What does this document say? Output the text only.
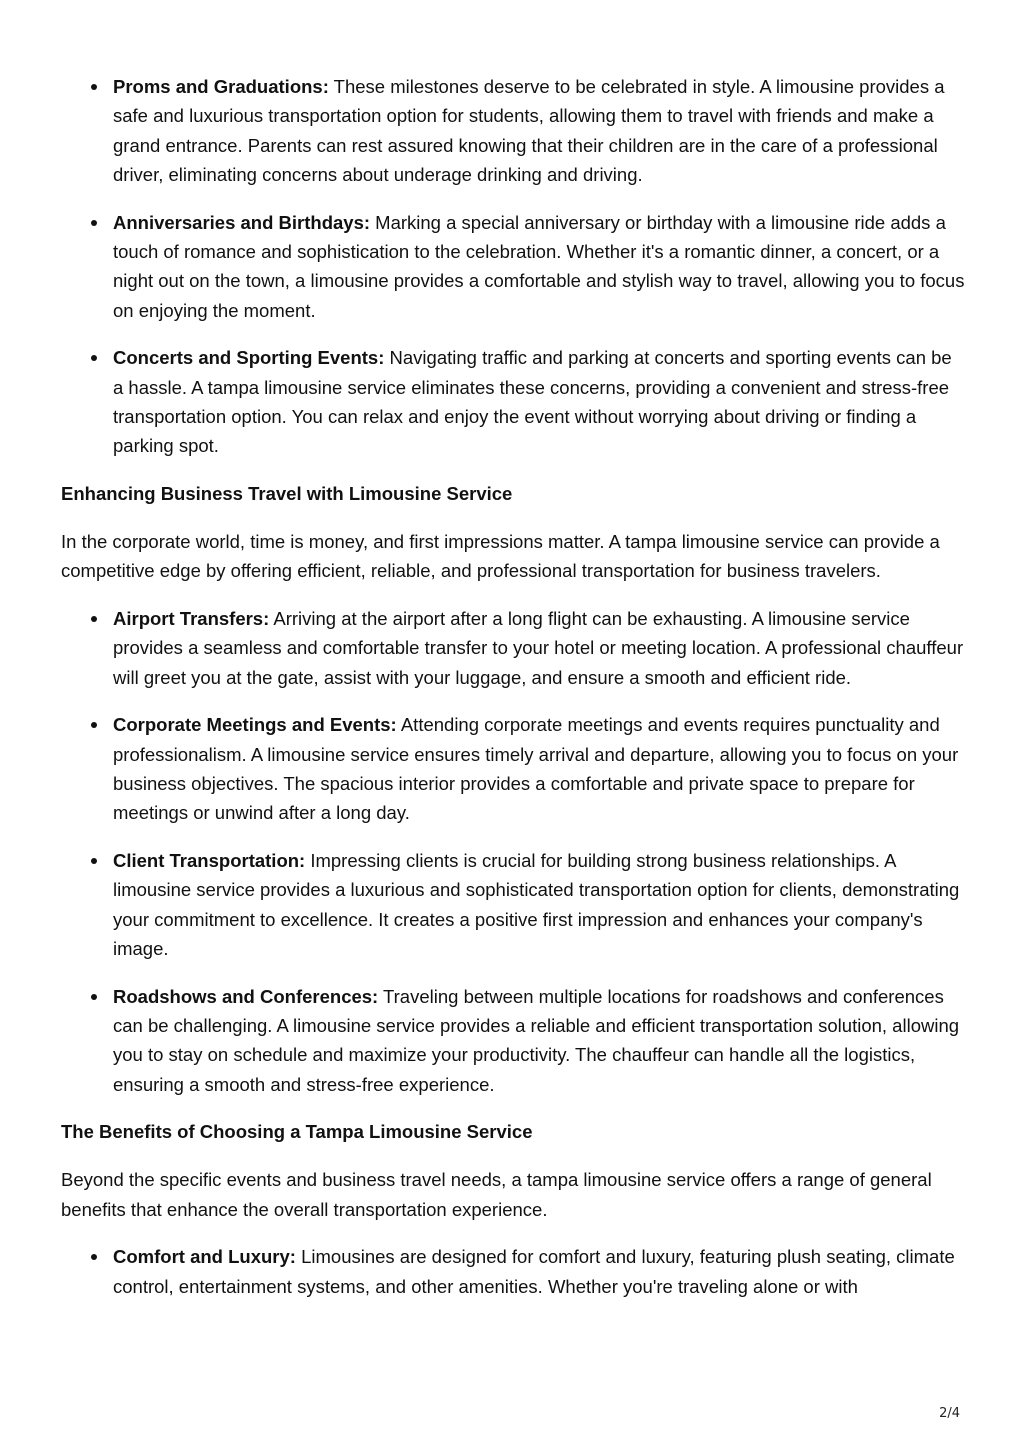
Proms and Graduations: These milestones deserve to be celebrated in style. A limousine provides a safe and luxurious transportation option for students, allowing them to travel with friends and make a grand entrance. Parents can rest assured knowing that their children are in the care of a professional driver, eliminating concerns about underage drinking and driving.
Anniversaries and Birthdays: Marking a special anniversary or birthday with a limousine ride adds a touch of romance and sophistication to the celebration. Whether it's a romantic dinner, a concert, or a night out on the town, a limousine provides a comfortable and stylish way to travel, allowing you to focus on enjoying the moment.
Concerts and Sporting Events: Navigating traffic and parking at concerts and sporting events can be a hassle. A tampa limousine service eliminates these concerns, providing a convenient and stress-free transportation option. You can relax and enjoy the event without worrying about driving or finding a parking spot.
Enhancing Business Travel with Limousine Service

In the corporate world, time is money, and first impressions matter. A tampa limousine service can provide a competitive edge by offering efficient, reliable, and professional transportation for business travelers.

Airport Transfers: Arriving at the airport after a long flight can be exhausting. A limousine service provides a seamless and comfortable transfer to your hotel or meeting location. A professional chauffeur will greet you at the gate, assist with your luggage, and ensure a smooth and efficient ride.
Corporate Meetings and Events: Attending corporate meetings and events requires punctuality and professionalism. A limousine service ensures timely arrival and departure, allowing you to focus on your business objectives. The spacious interior provides a comfortable and private space to prepare for meetings or unwind after a long day.
Client Transportation: Impressing clients is crucial for building strong business relationships. A limousine service provides a luxurious and sophisticated transportation option for clients, demonstrating your commitment to excellence. It creates a positive first impression and enhances your company's image.
Roadshows and Conferences: Traveling between multiple locations for roadshows and conferences can be challenging. A limousine service provides a reliable and efficient transportation solution, allowing you to stay on schedule and maximize your productivity. The chauffeur can handle all the logistics, ensuring a smooth and stress-free experience.
The Benefits of Choosing a Tampa Limousine Service

Beyond the specific events and business travel needs, a tampa limousine service offers a range of general benefits that enhance the overall transportation experience.

Comfort and Luxury: Limousines are designed for comfort and luxury, featuring plush seating, climate control, entertainment systems, and other amenities. Whether you're traveling alone or with
2/4
